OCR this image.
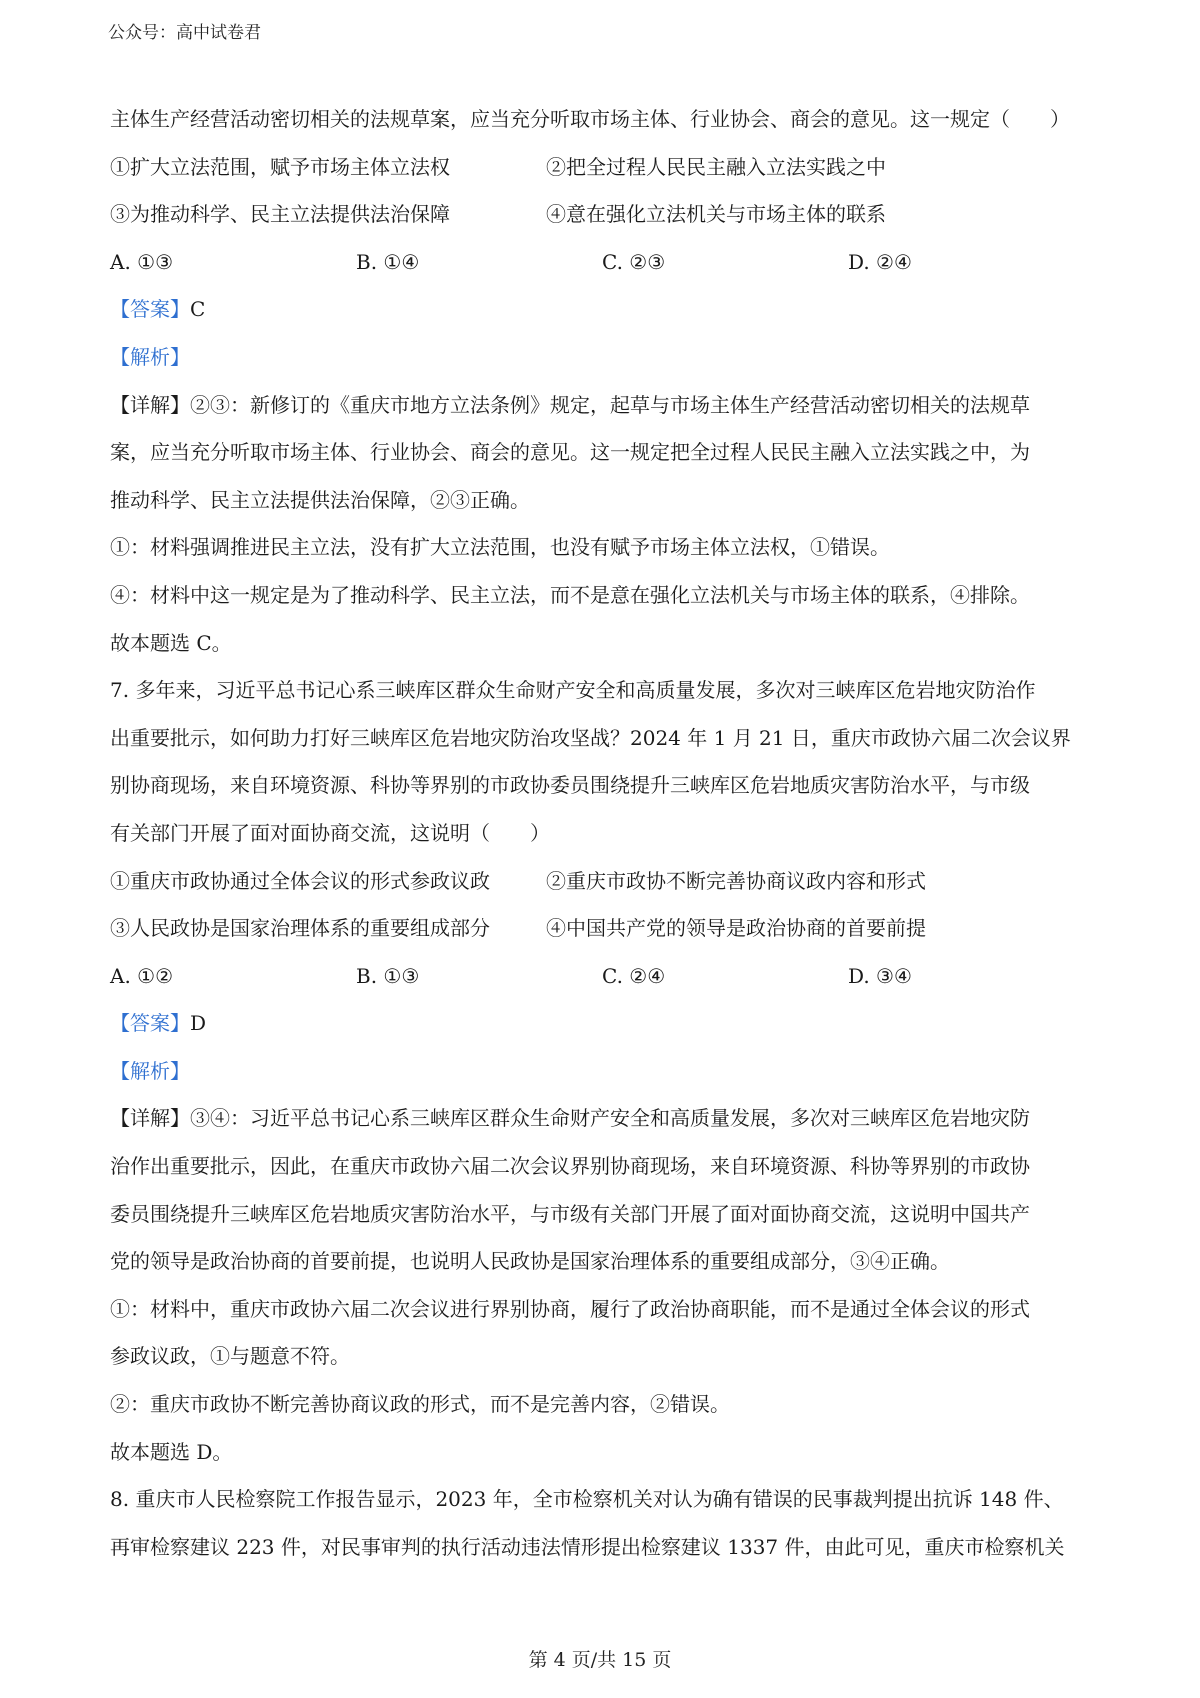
公众号：高中试卷君
主体生产经营活动密切相关的法规草案，应当充分听取市场主体、行业协会、商会的意见。这一规定（　　）
①扩大立法范围，赋予市场主体立法权	②把全过程人民民主融入立法实践之中
③为推动科学、民主立法提供法治保障	④意在强化立法机关与市场主体的联系
A. ①③	B. ①④	C. ②③	D. ②④
【答案】C
【解析】
【详解】②③：新修订的《重庆市地方立法条例》规定，起草与市场主体生产经营活动密切相关的法规草
案，应当充分听取市场主体、行业协会、商会的意见。这一规定把全过程人民民主融入立法实践之中，为
推动科学、民主立法提供法治保障，②③正确。
①：材料强调推进民主立法，没有扩大立法范围，也没有赋予市场主体立法权，①错误。
④：材料中这一规定是为了推动科学、民主立法，而不是意在强化立法机关与市场主体的联系，④排除。
故本题选 C。
7. 多年来，习近平总书记心系三峡库区群众生命财产安全和高质量发展，多次对三峡库区危岩地灾防治作
出重要批示，如何助力打好三峡库区危岩地灾防治攻坚战？2024 年 1 月 21 日，重庆市政协六届二次会议界
别协商现场，来自环境资源、科协等界别的市政协委员围绕提升三峡库区危岩地质灾害防治水平，与市级
有关部门开展了面对面协商交流，这说明（　　）
①重庆市政协通过全体会议的形式参政议政	②重庆市政协不断完善协商议政内容和形式
③人民政协是国家治理体系的重要组成部分	④中国共产党的领导是政治协商的首要前提
A. ①②	B. ①③	C. ②④	D. ③④
【答案】D
【解析】
【详解】③④：习近平总书记心系三峡库区群众生命财产安全和高质量发展，多次对三峡库区危岩地灾防
治作出重要批示，因此，在重庆市政协六届二次会议界别协商现场，来自环境资源、科协等界别的市政协
委员围绕提升三峡库区危岩地质灾害防治水平，与市级有关部门开展了面对面协商交流，这说明中国共产
党的领导是政治协商的首要前提，也说明人民政协是国家治理体系的重要组成部分，③④正确。
①：材料中，重庆市政协六届二次会议进行界别协商，履行了政治协商职能，而不是通过全体会议的形式
参政议政，①与题意不符。
②：重庆市政协不断完善协商议政的形式，而不是完善内容，②错误。
故本题选 D。
8. 重庆市人民检察院工作报告显示，2023 年，全市检察机关对认为确有错误的民事裁判提出抗诉 148 件、
再审检察建议 223 件，对民事审判的执行活动违法情形提出检察建议 1337 件，由此可见，重庆市检察机关
第 4 页/共 15 页
